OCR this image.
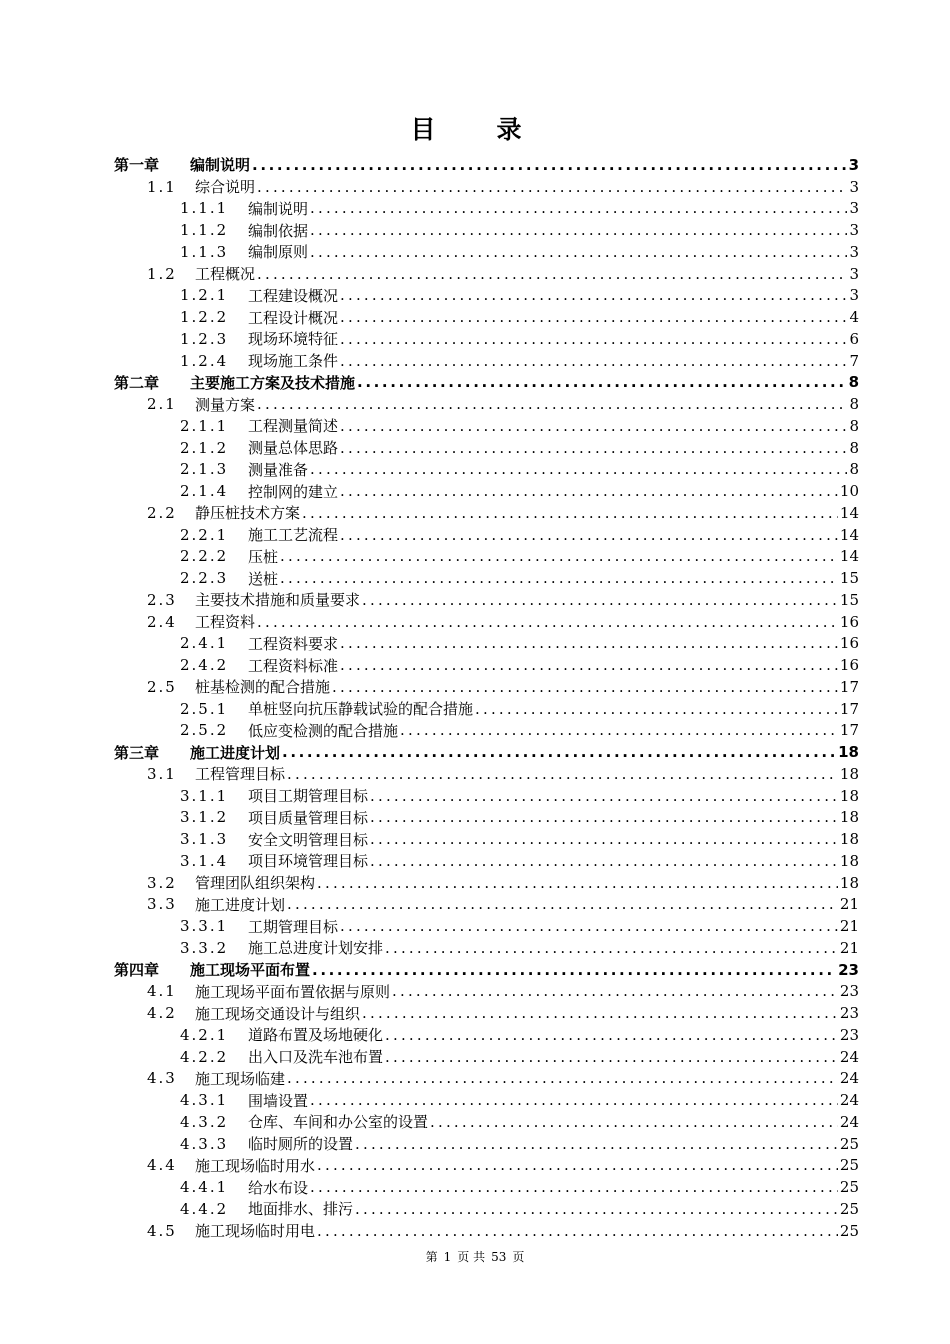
目　录
第一章	编制说明 .....	3
1.1	综合说明 .....	3
1.1.1	编制说明 .....	3
1.1.2	编制依据 .....	3
1.1.3	编制原则 .....	3
1.2	工程概况 .....	3
1.2.1	工程建设概况 .....	3
1.2.2	工程设计概况 .....	4
1.2.3	现场环境特征 .....	6
1.2.4	现场施工条件 .....	7
第二章	主要施工方案及技术措施 .....	8
2.1	测量方案 .....	8
2.1.1	工程测量简述 .....	8
2.1.2	测量总体思路 .....	8
2.1.3	测量准备 .....	8
2.1.4	控制网的建立 .....	10
2.2	静压桩技术方案 .....	14
2.2.1	施工工艺流程 .....	14
2.2.2	压桩 .....	14
2.2.3	送桩 .....	15
2.3	主要技术措施和质量要求 .....	15
2.4	工程资料 .....	16
2.4.1	工程资料要求 .....	16
2.4.2	工程资料标准 .....	16
2.5	桩基检测的配合措施 .....	17
2.5.1	单桩竖向抗压静载试验的配合措施 .....	17
2.5.2	低应变检测的配合措施 .....	17
第三章	施工进度计划 .....	18
3.1	工程管理目标 .....	18
3.1.1	项目工期管理目标 .....	18
3.1.2	项目质量管理目标 .....	18
3.1.3	安全文明管理目标 .....	18
3.1.4	项目环境管理目标 .....	18
3.2	管理团队组织架构 .....	18
3.3	施工进度计划 .....	21
3.3.1	工期管理目标 .....	21
3.3.2	施工总进度计划安排 .....	21
第四章	施工现场平面布置 .....	23
4.1	施工现场平面布置依据与原则 .....	23
4.2	施工现场交通设计与组织 .....	23
4.2.1	道路布置及场地硬化 .....	23
4.2.2	出入口及洗车池布置 .....	24
4.3	施工现场临建 .....	24
4.3.1	围墙设置 .....	24
4.3.2	仓库、车间和办公室的设置 .....	24
4.3.3	临时厕所的设置 .....	25
4.4	施工现场临时用水 .....	25
4.4.1	给水布设 .....	25
4.4.2	地面排水、排污 .....	25
4.5	施工现场临时用电 .....	25
第 1 页 共 53 页
